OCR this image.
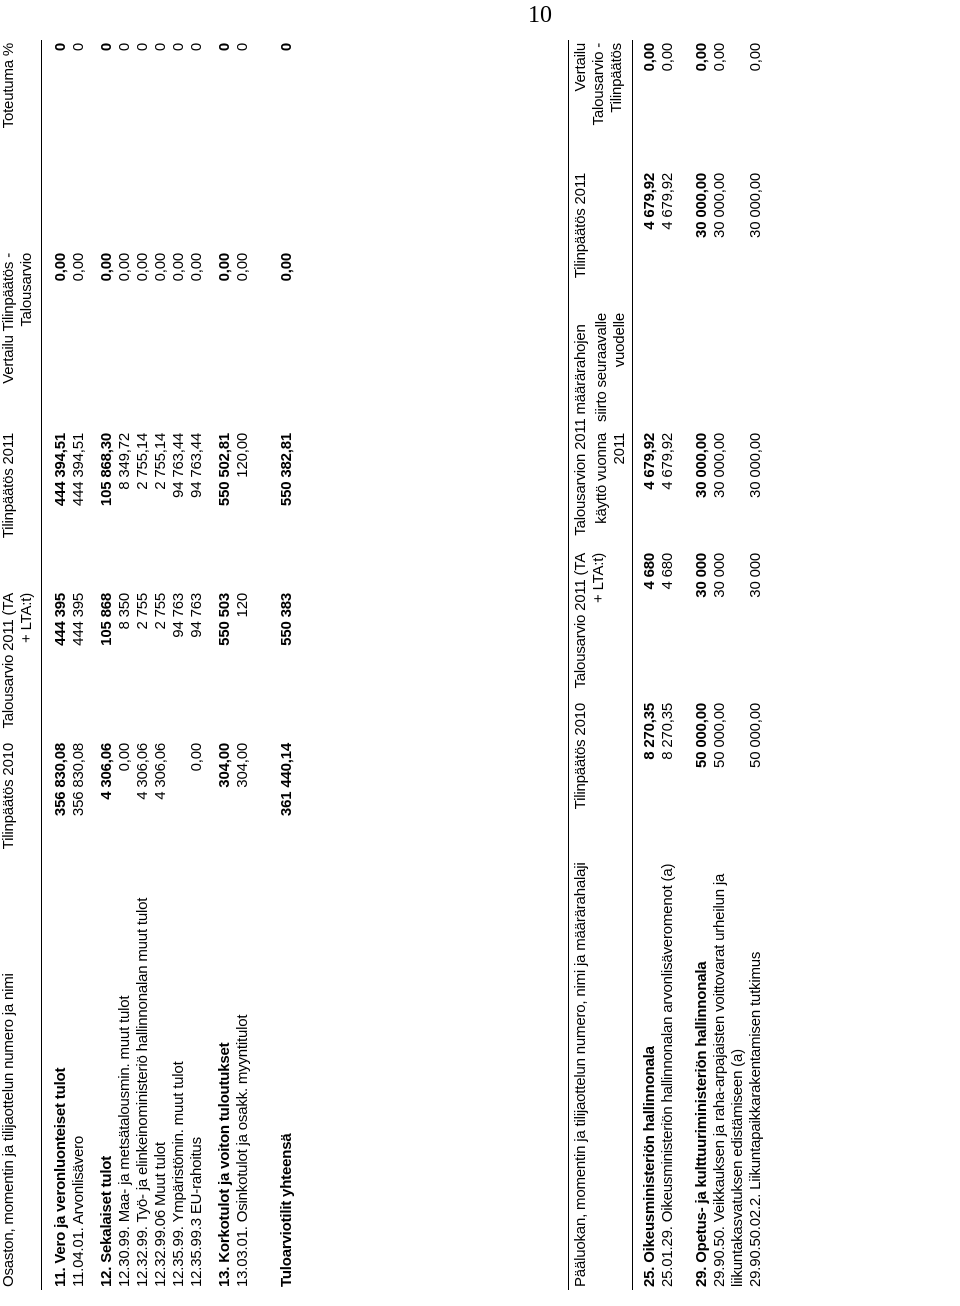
10
Osaston, momentin ja tilijaottelun numero ja nimi	Tilinpäätös 2010	Talousarvio 2011 (TA + LTA:t)	Tilinpäätös 2011	Vertailu Tilinpäätös - Talousarvio	Toteutuma %

11. Vero ja veronluonteiset tulot	356 830,08	444 395	444 394,51	0,00	0
11.04.01. Arvonlisävero	356 830,08	444 395	444 394,51	0,00	0

12. Sekalaiset tulot	4 306,06	105 868	105 868,30	0,00	0
12.30.99. Maa- ja metsätalousmin. muut tulot	0,00	8 350	8 349,72	0,00	0
12.32.99. Työ- ja elinkeinoministeriö hallinnonalan muut tulot	4 306,06	2 755	2 755,14	0,00	0
12.32.99.06 Muut tulot	4 306,06	2 755	2 755,14	0,00	0
12.35.99. Ympäristömin. muut tulot		94 763	94 763,44	0,00	0
12.35.99.3 EU-rahoitus	0,00	94 763	94 763,44	0,00	0

13. Korkotulot ja voiton tuloutukset	304,00	550 503	550 502,81	0,00	0
13.03.01. Osinkotulot ja osakk. myyntitulot	304,00	120	120,00	0,00	0

Tuloarviotilit yhteensä	361 440,14	550 383	550 382,81	0,00	0
Pääluokan, momentin ja tilijaottelun numero, nimi ja määrärahalaji	Tilinpäätös 2010	Talousarvio 2011 (TA + LTA:t)	Talousarvion 2011 määrärahojen		Tilinpäätös 2011	Vertailu Talousarvio - Tilinpäätös
			käyttö vuonna 2011	siirto seuraavalle vuodelle		

25. Oikeusministeriön hallinnonala	8 270,35	4 680	4 679,92		4 679,92	0,00
25.01.29. Oikeusministeriön hallinnonalan arvonlisäveromenot (a)	8 270,35	4 680	4 679,92		4 679,92	0,00

29. Opetus- ja kulttuuriministeriön hallinnonala	50 000,00	30 000	30 000,00		30 000,00	0,00
29.90.50. Veikkauksen ja raha-arpajaisten voittovarat urheilun ja liikuntakasvatuksen edistämiseen (a)	50 000,00	30 000	30 000,00		30 000,00	0,00
29.90.50.02.2. Liikuntapaikkarakentamisen tutkimus	50 000,00	30 000	30 000,00		30 000,00	0,00
